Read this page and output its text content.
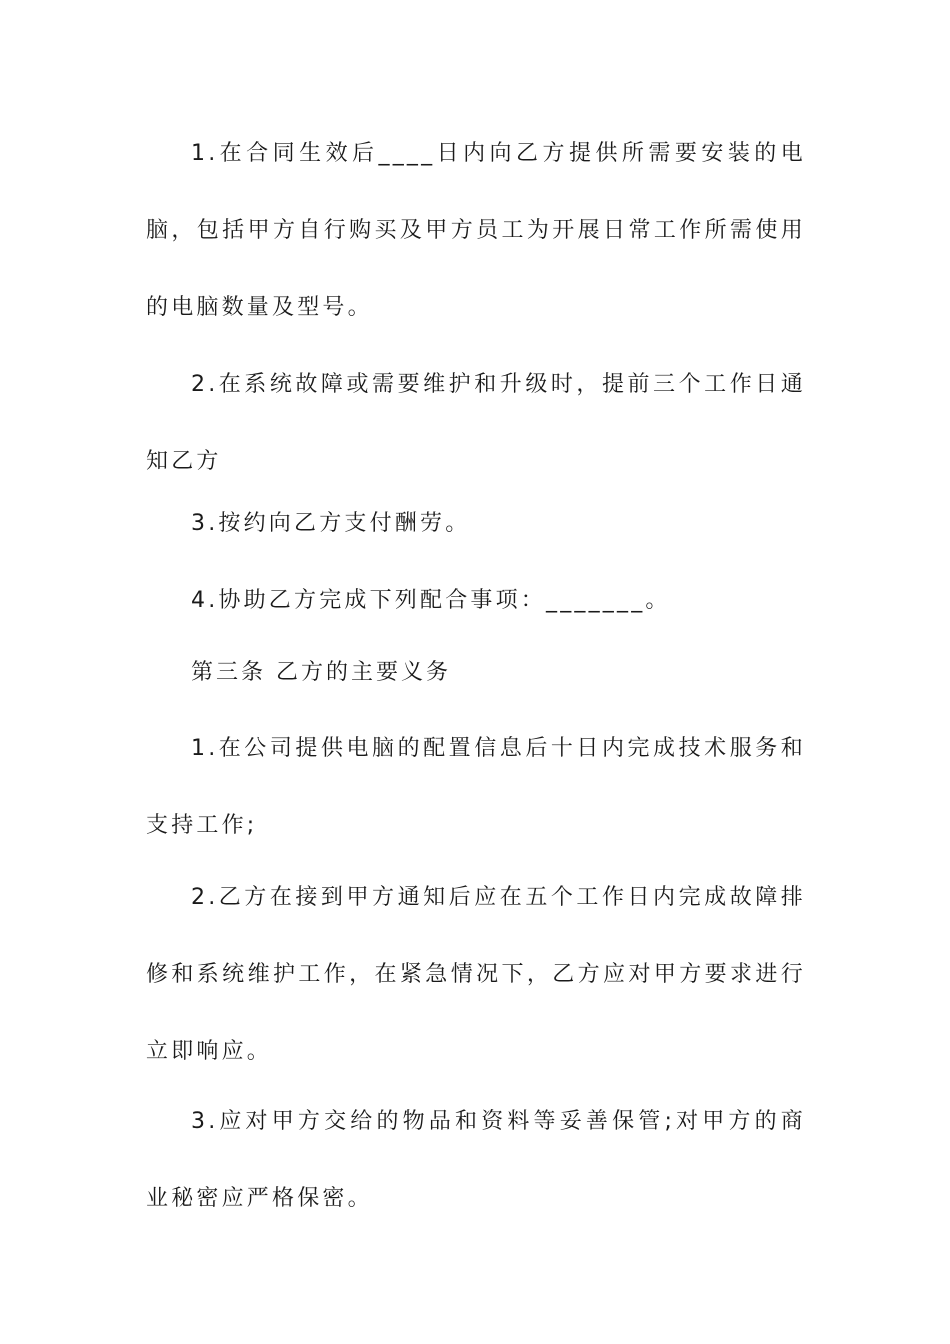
1.在合同生效后____日内向乙方提供所需要安装的电脑，包括甲方自行购买及甲方员工为开展日常工作所需使用的电脑数量及型号。

2.在系统故障或需要维护和升级时，提前三个工作日通知乙方

3.按约向乙方支付酬劳。

4.协助乙方完成下列配合事项：_______。

第三条 乙方的主要义务

1.在公司提供电脑的配置信息后十日内完成技术服务和支持工作;

2.乙方在接到甲方通知后应在五个工作日内完成故障排修和系统维护工作，在紧急情况下，乙方应对甲方要求进行立即响应。

3.应对甲方交给的物品和资料等妥善保管;对甲方的商业秘密应严格保密。
